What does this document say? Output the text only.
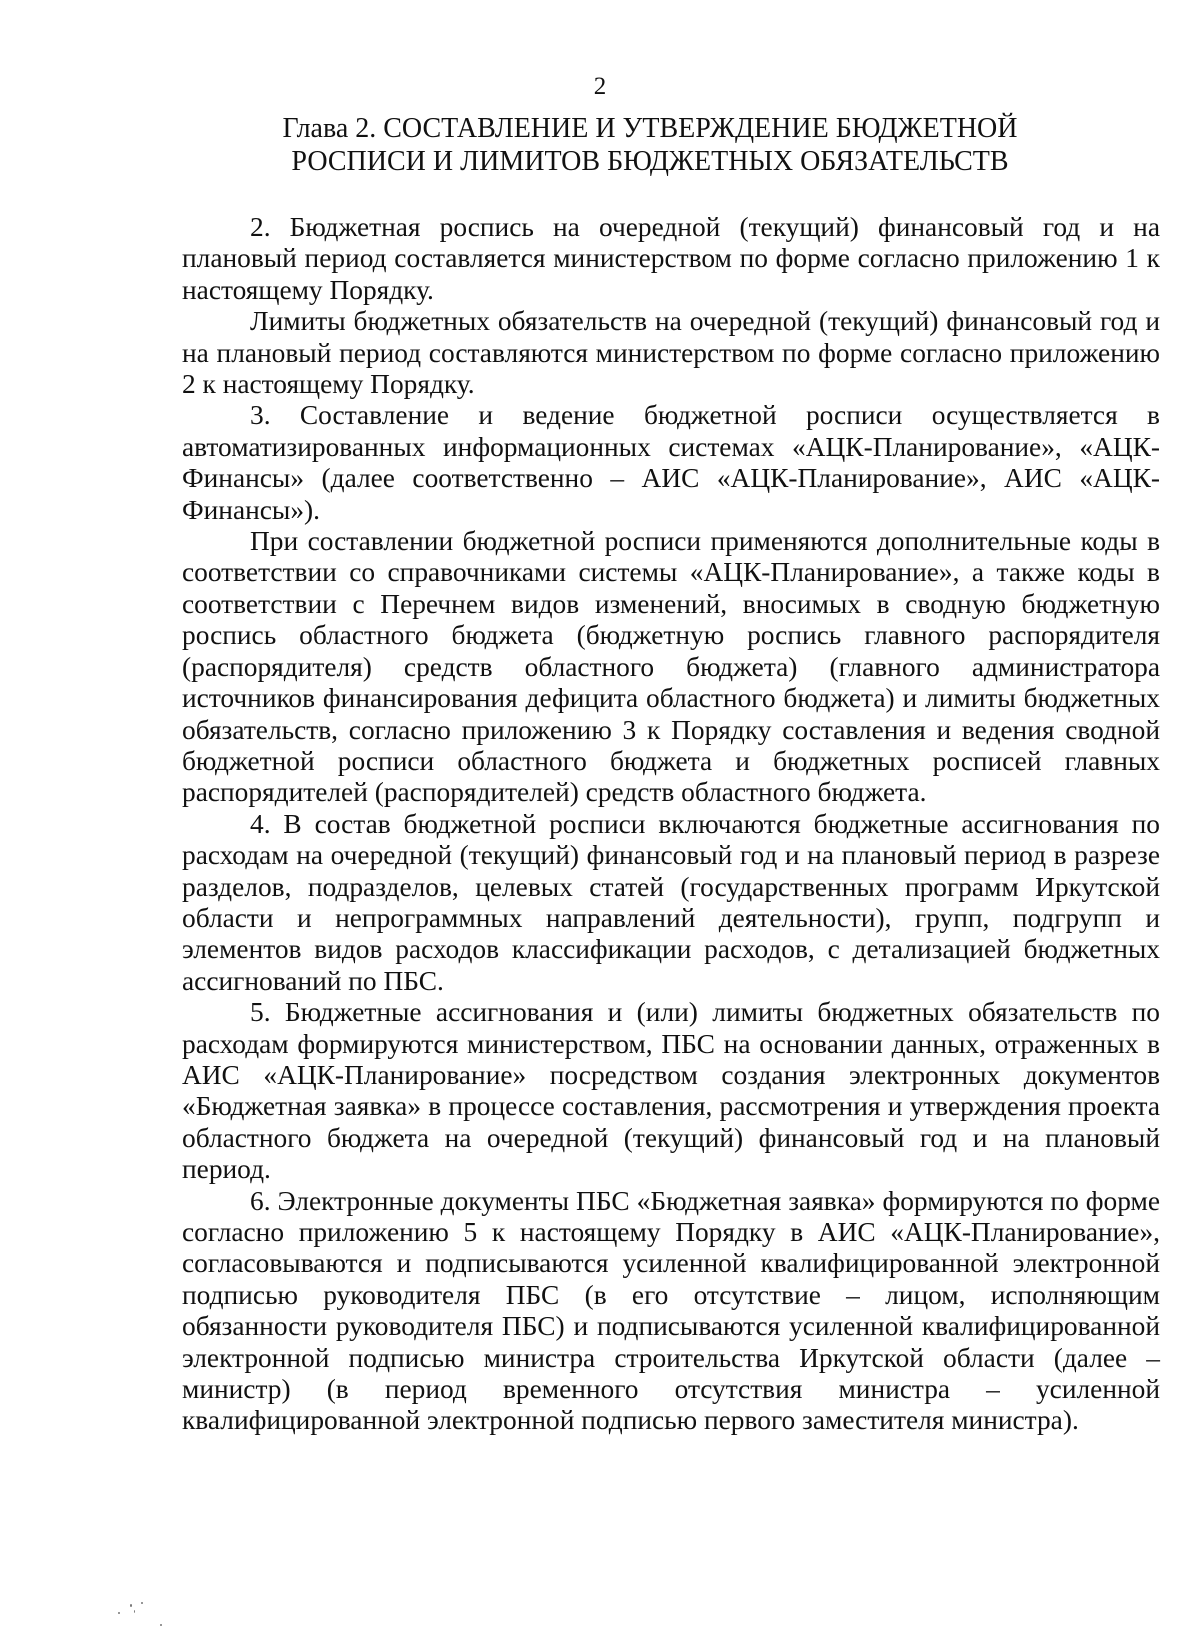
2
Глава 2. СОСТАВЛЕНИЕ И УТВЕРЖДЕНИЕ БЮДЖЕТНОЙ
РОСПИСИ И ЛИМИТОВ БЮДЖЕТНЫХ ОБЯЗАТЕЛЬСТВ

2. Бюджетная роспись на очередной (текущий) финансовый год и на плановый период составляется министерством по форме согласно приложению 1 к настоящему Порядку.

Лимиты бюджетных обязательств на очередной (текущий) финансовый год и на плановый период составляются министерством по форме согласно приложению 2 к настоящему Порядку.

3. Составление и ведение бюджетной росписи осуществляется в автоматизированных информационных системах «АЦК-Планирование», «АЦК-Финансы» (далее соответственно – АИС «АЦК-Планирование», АИС «АЦК-Финансы»).

При составлении бюджетной росписи применяются дополнительные коды в соответствии со справочниками системы «АЦК-Планирование», а также коды в соответствии с Перечнем видов изменений, вносимых в сводную бюджетную роспись областного бюджета (бюджетную роспись главного распорядителя (распорядителя) средств областного бюджета) (главного администратора источников финансирования дефицита областного бюджета) и лимиты бюджетных обязательств, согласно приложению 3 к Порядку составления и ведения сводной бюджетной росписи областного бюджета и бюджетных росписей главных распорядителей (распорядителей) средств областного бюджета.

4. В состав бюджетной росписи включаются бюджетные ассигнования по расходам на очередной (текущий) финансовый год и на плановый период в разрезе разделов, подразделов, целевых статей (государственных программ Иркутской области и непрограммных направлений деятельности), групп, подгрупп и элементов видов расходов классификации расходов, с детализацией бюджетных ассигнований по ПБС.

5. Бюджетные ассигнования и (или) лимиты бюджетных обязательств по расходам формируются министерством, ПБС на основании данных, отраженных в АИС «АЦК-Планирование» посредством создания электронных документов «Бюджетная заявка» в процессе составления, рассмотрения и утверждения проекта областного бюджета на очередной (текущий) финансовый год и на плановый период.

6. Электронные документы ПБС «Бюджетная заявка» формируются по форме согласно приложению 5 к настоящему Порядку в АИС «АЦК-Планирование», согласовываются и подписываются усиленной квалифицированной электронной подписью руководителя ПБС (в его отсутствие – лицом, исполняющим обязанности руководителя ПБС) и подписываются усиленной квалифицированной электронной подписью министра строительства Иркутской области (далее – министр) (в период временного отсутствия министра – усиленной квалифицированной электронной подписью первого заместителя министра).
